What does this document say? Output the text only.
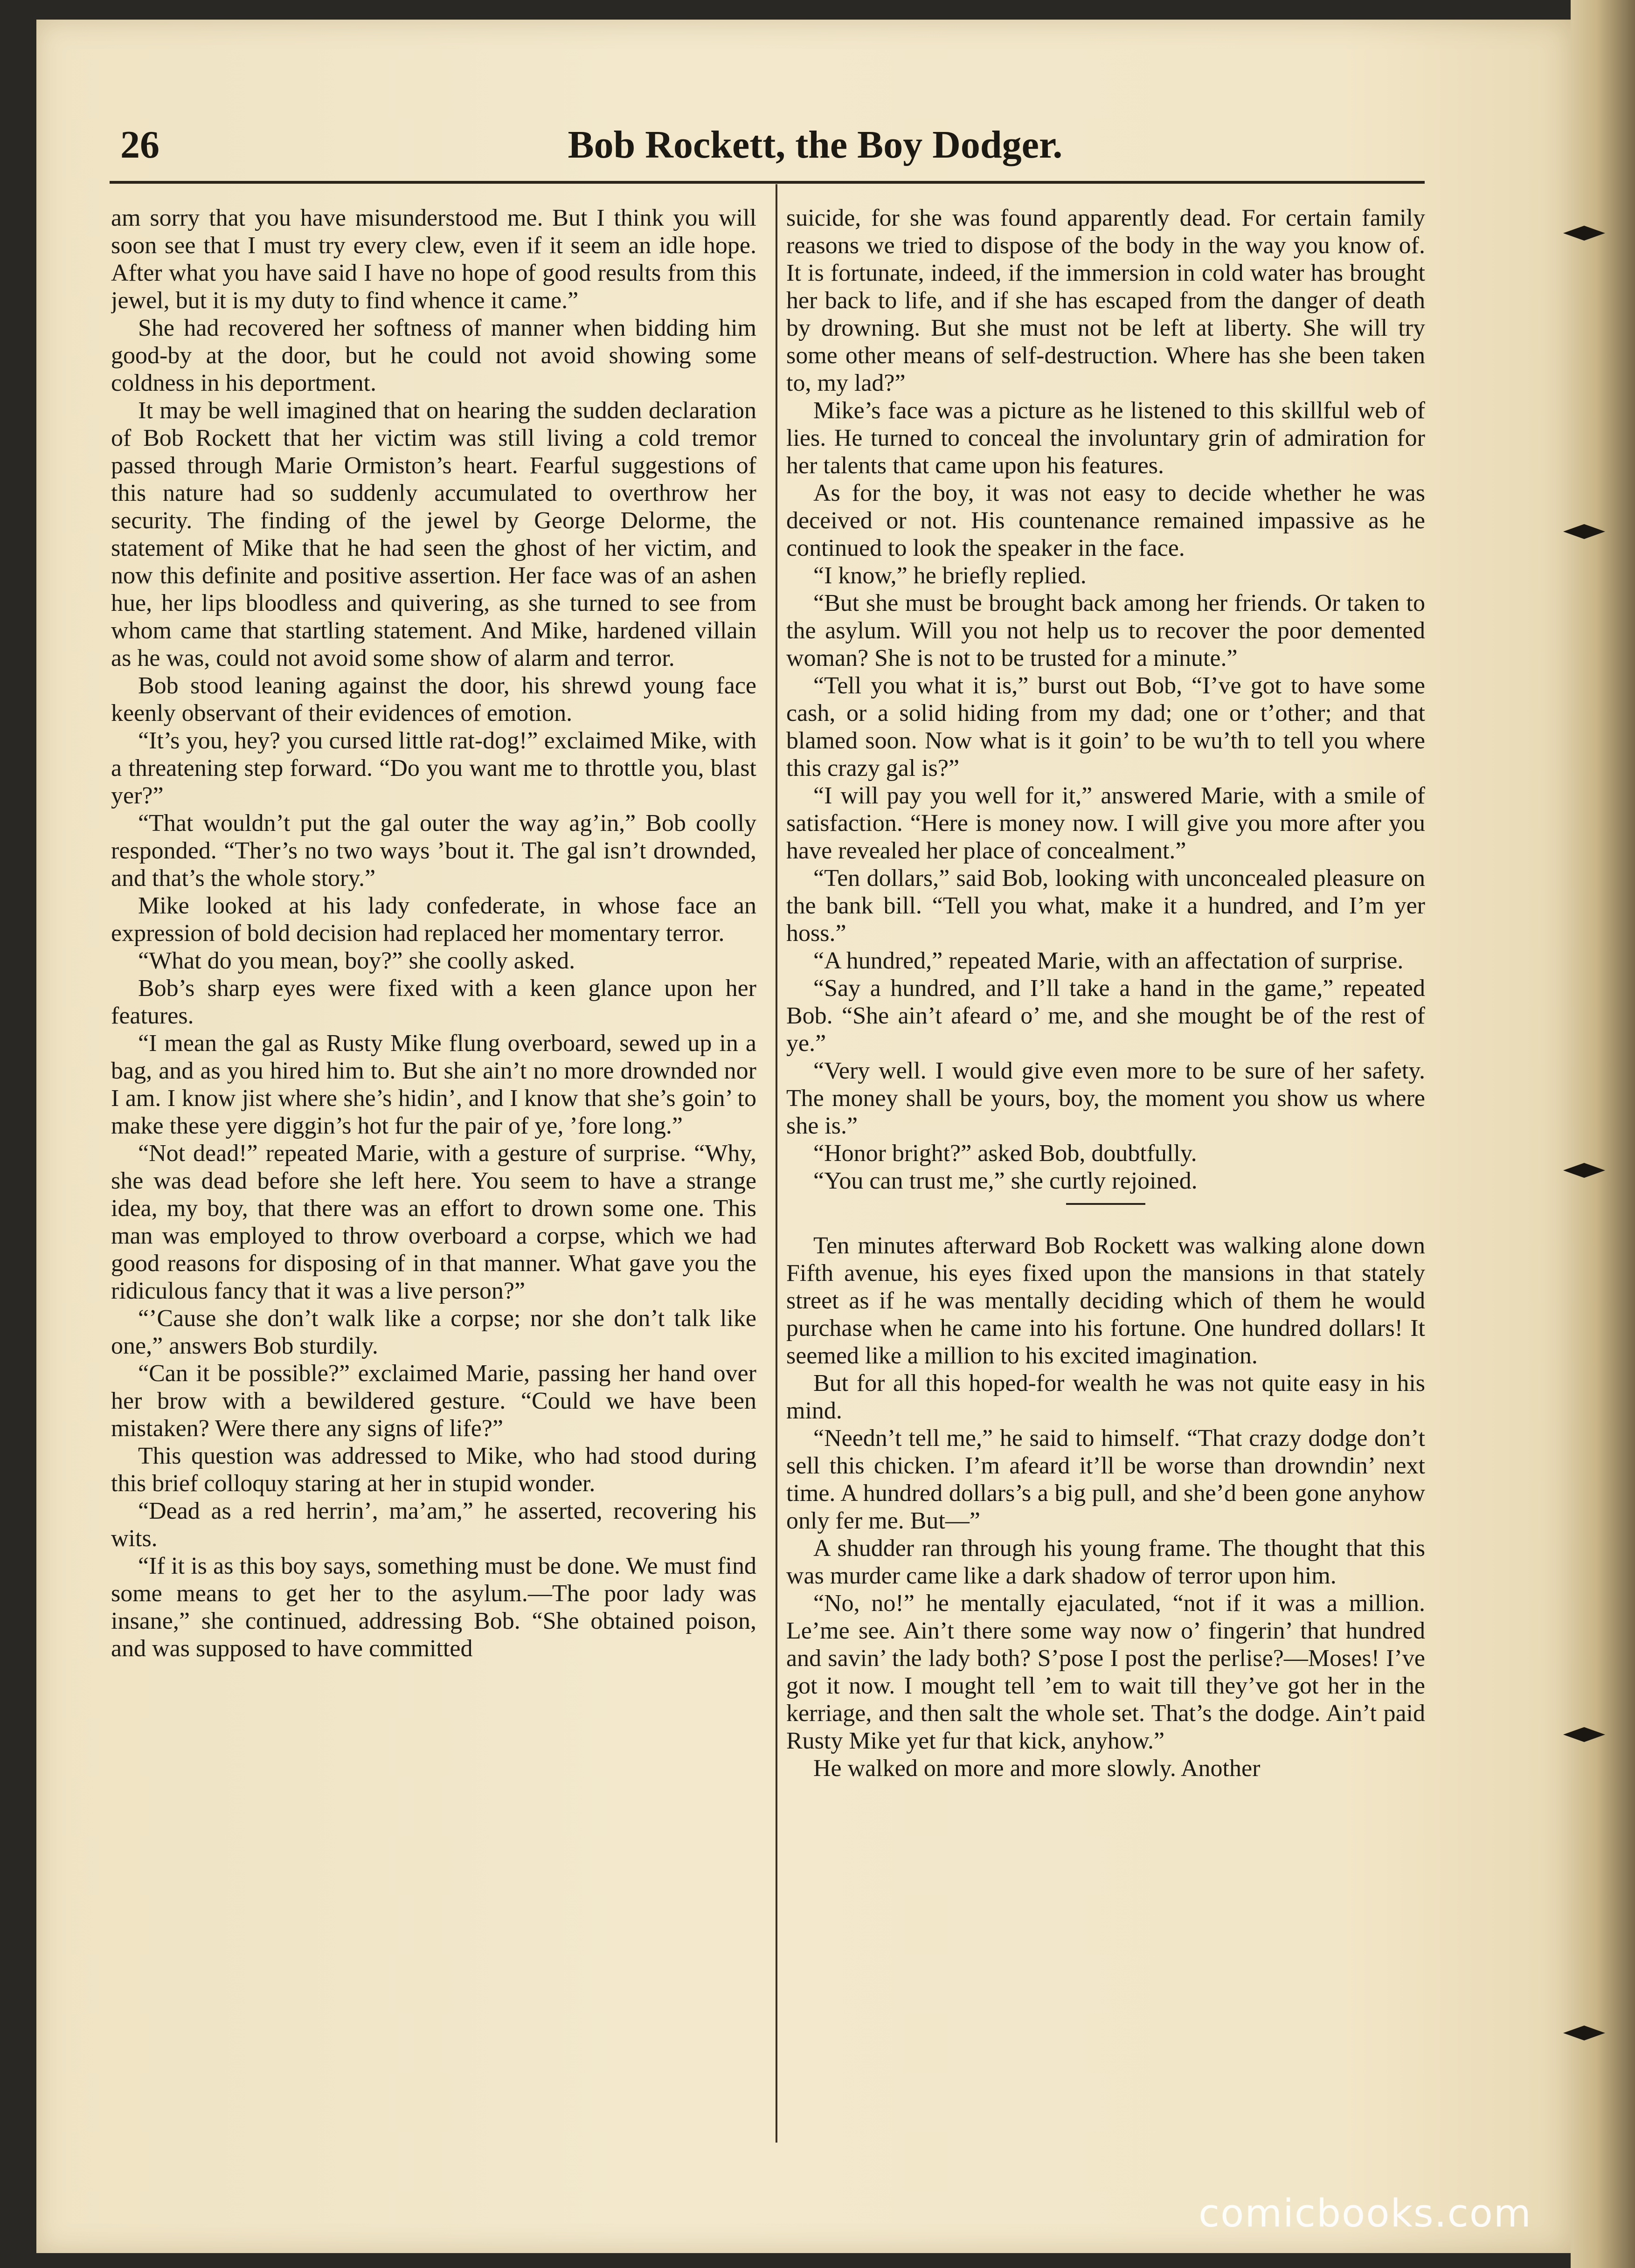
26	Bob Rockett, the Boy Dodger.

am sorry that you have misunderstood me. But I think you will soon see that I must try every clew, even if it seem an idle hope. After what you have said I have no hope of good results from this jewel, but it is my duty to find whence it came.”

She had recovered her softness of manner when bidding him good-by at the door, but he could not avoid showing some coldness in his deportment.

It may be well imagined that on hearing the sudden declaration of Bob Rockett that her victim was still living a cold tremor passed through Marie Ormiston’s heart. Fearful suggestions of this nature had so suddenly accumulated to overthrow her security. The finding of the jewel by George Delorme, the statement of Mike that he had seen the ghost of her victim, and now this definite and positive assertion. Her face was of an ashen hue, her lips bloodless and quivering, as she turned to see from whom came that startling statement. And Mike, hardened villain as he was, could not avoid some show of alarm and terror.

Bob stood leaning against the door, his shrewd young face keenly observant of their evidences of emotion.

“It’s you, hey? you cursed little rat-dog!” exclaimed Mike, with a threatening step forward. “Do you want me to throttle you, blast yer?”

“That wouldn’t put the gal outer the way ag’in,” Bob coolly responded. “Ther’s no two ways ’bout it. The gal isn’t drownded, and that’s the whole story.”

Mike looked at his lady confederate, in whose face an expression of bold decision had replaced her momentary terror.

“What do you mean, boy?” she coolly asked.

Bob’s sharp eyes were fixed with a keen glance upon her features.

“I mean the gal as Rusty Mike flung overboard, sewed up in a bag, and as you hired him to. But she ain’t no more drownded nor I am. I know jist where she’s hidin’, and I know that she’s goin’ to make these yere diggin’s hot fur the pair of ye, ’fore long.”

“Not dead!” repeated Marie, with a gesture of surprise. “Why, she was dead before she left here. You seem to have a strange idea, my boy, that there was an effort to drown some one. This man was employed to throw overboard a corpse, which we had good reasons for disposing of in that manner. What gave you the ridiculous fancy that it was a live person?”

“’Cause she don’t walk like a corpse; nor she don’t talk like one,” answers Bob sturdily.

“Can it be possible?” exclaimed Marie, passing her hand over her brow with a bewildered gesture. “Could we have been mistaken? Were there any signs of life?”

This question was addressed to Mike, who had stood during this brief colloquy staring at her in stupid wonder.

“Dead as a red herrin’, ma’am,” he asserted, recovering his wits.

“If it is as this boy says, something must be done. We must find some means to get her to the asylum.—The poor lady was insane,” she continued, addressing Bob. “She obtained poison, and was supposed to have committed

suicide, for she was found apparently dead. For certain family reasons we tried to dispose of the body in the way you know of. It is fortunate, indeed, if the immersion in cold water has brought her back to life, and if she has escaped from the danger of death by drowning. But she must not be left at liberty. She will try some other means of self-destruction. Where has she been taken to, my lad?”

Mike’s face was a picture as he listened to this skillful web of lies. He turned to conceal the involuntary grin of admiration for her talents that came upon his features.

As for the boy, it was not easy to decide whether he was deceived or not. His countenance remained impassive as he continued to look the speaker in the face.

“I know,” he briefly replied.

“But she must be brought back among her friends. Or taken to the asylum. Will you not help us to recover the poor demented woman? She is not to be trusted for a minute.”

“Tell you what it is,” burst out Bob, “I’ve got to have some cash, or a solid hiding from my dad; one or t’other; and that blamed soon. Now what is it goin’ to be wu’th to tell you where this crazy gal is?”

“I will pay you well for it,” answered Marie, with a smile of satisfaction. “Here is money now. I will give you more after you have revealed her place of concealment.”

“Ten dollars,” said Bob, looking with unconcealed pleasure on the bank bill. “Tell you what, make it a hundred, and I’m yer hoss.”

“A hundred,” repeated Marie, with an affectation of surprise.

“Say a hundred, and I’ll take a hand in the game,” repeated Bob. “She ain’t afeard o’ me, and she mought be of the rest of ye.”

“Very well. I would give even more to be sure of her safety. The money shall be yours, boy, the moment you show us where she is.”

“Honor bright?” asked Bob, doubtfully.

“You can trust me,” she curtly rejoined.

Ten minutes afterward Bob Rockett was walking alone down Fifth avenue, his eyes fixed upon the mansions in that stately street as if he was mentally deciding which of them he would purchase when he came into his fortune. One hundred dollars! It seemed like a million to his excited imagination.

But for all this hoped-for wealth he was not quite easy in his mind.

“Needn’t tell me,” he said to himself. “That crazy dodge don’t sell this chicken. I’m afeard it’ll be worse than drowndin’ next time. A hundred dollars’s a big pull, and she’d been gone anyhow only fer me. But—”

A shudder ran through his young frame. The thought that this was murder came like a dark shadow of terror upon him.

“No, no!” he mentally ejaculated, “not if it was a million. Le’me see. Ain’t there some way now o’ fingerin’ that hundred and savin’ the lady both? S’pose I post the perlise?—Moses! I’ve got it now. I mought tell ’em to wait till they’ve got her in the kerriage, and then salt the whole set. That’s the dodge. Ain’t paid Rusty Mike yet fur that kick, anyhow.”

He walked on more and more slowly. Another

comicbooks.com
